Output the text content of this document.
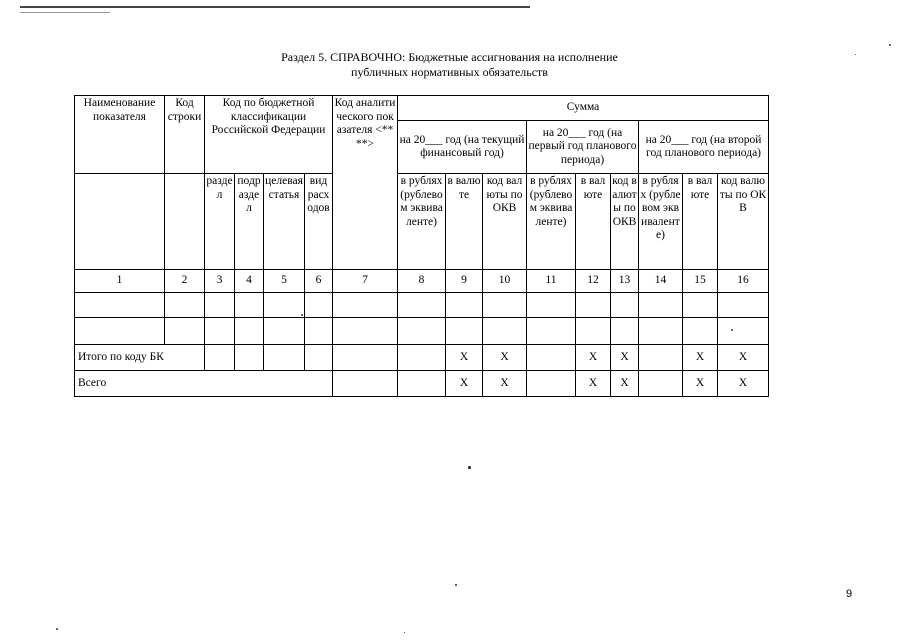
Раздел 5. СПРАВОЧНО: Бюджетные ассигнования на исполнение
публичных нормативных обязательств
Наименование показателя	Код строки	Код по бюджетной классификации Российской Федерации				Код аналитического показателя <****>	Сумма								
							на 20___ год (на текущий финансовый год)			на 20___ год (на первый год планового периода)			на 20___ год (на второй год планового периода)		
		раздел	подраздел	целевая статья	вид расходов		в рублях (рублевом эквиваленте)	в валюте	код валюты по ОКВ	в рублях (рублевом эквиваленте)	в валюте	код валюты по ОКВ	в рублях (рублевом эквиваленте)	в валюте	код валюты по ОКВ
1	2	3	4	5	6	7	8	9	10	11	12	13	14	15	16

Итого по коду БК								X	X		X	X		X	X
Всего								X	X		X	X		X	X
9
